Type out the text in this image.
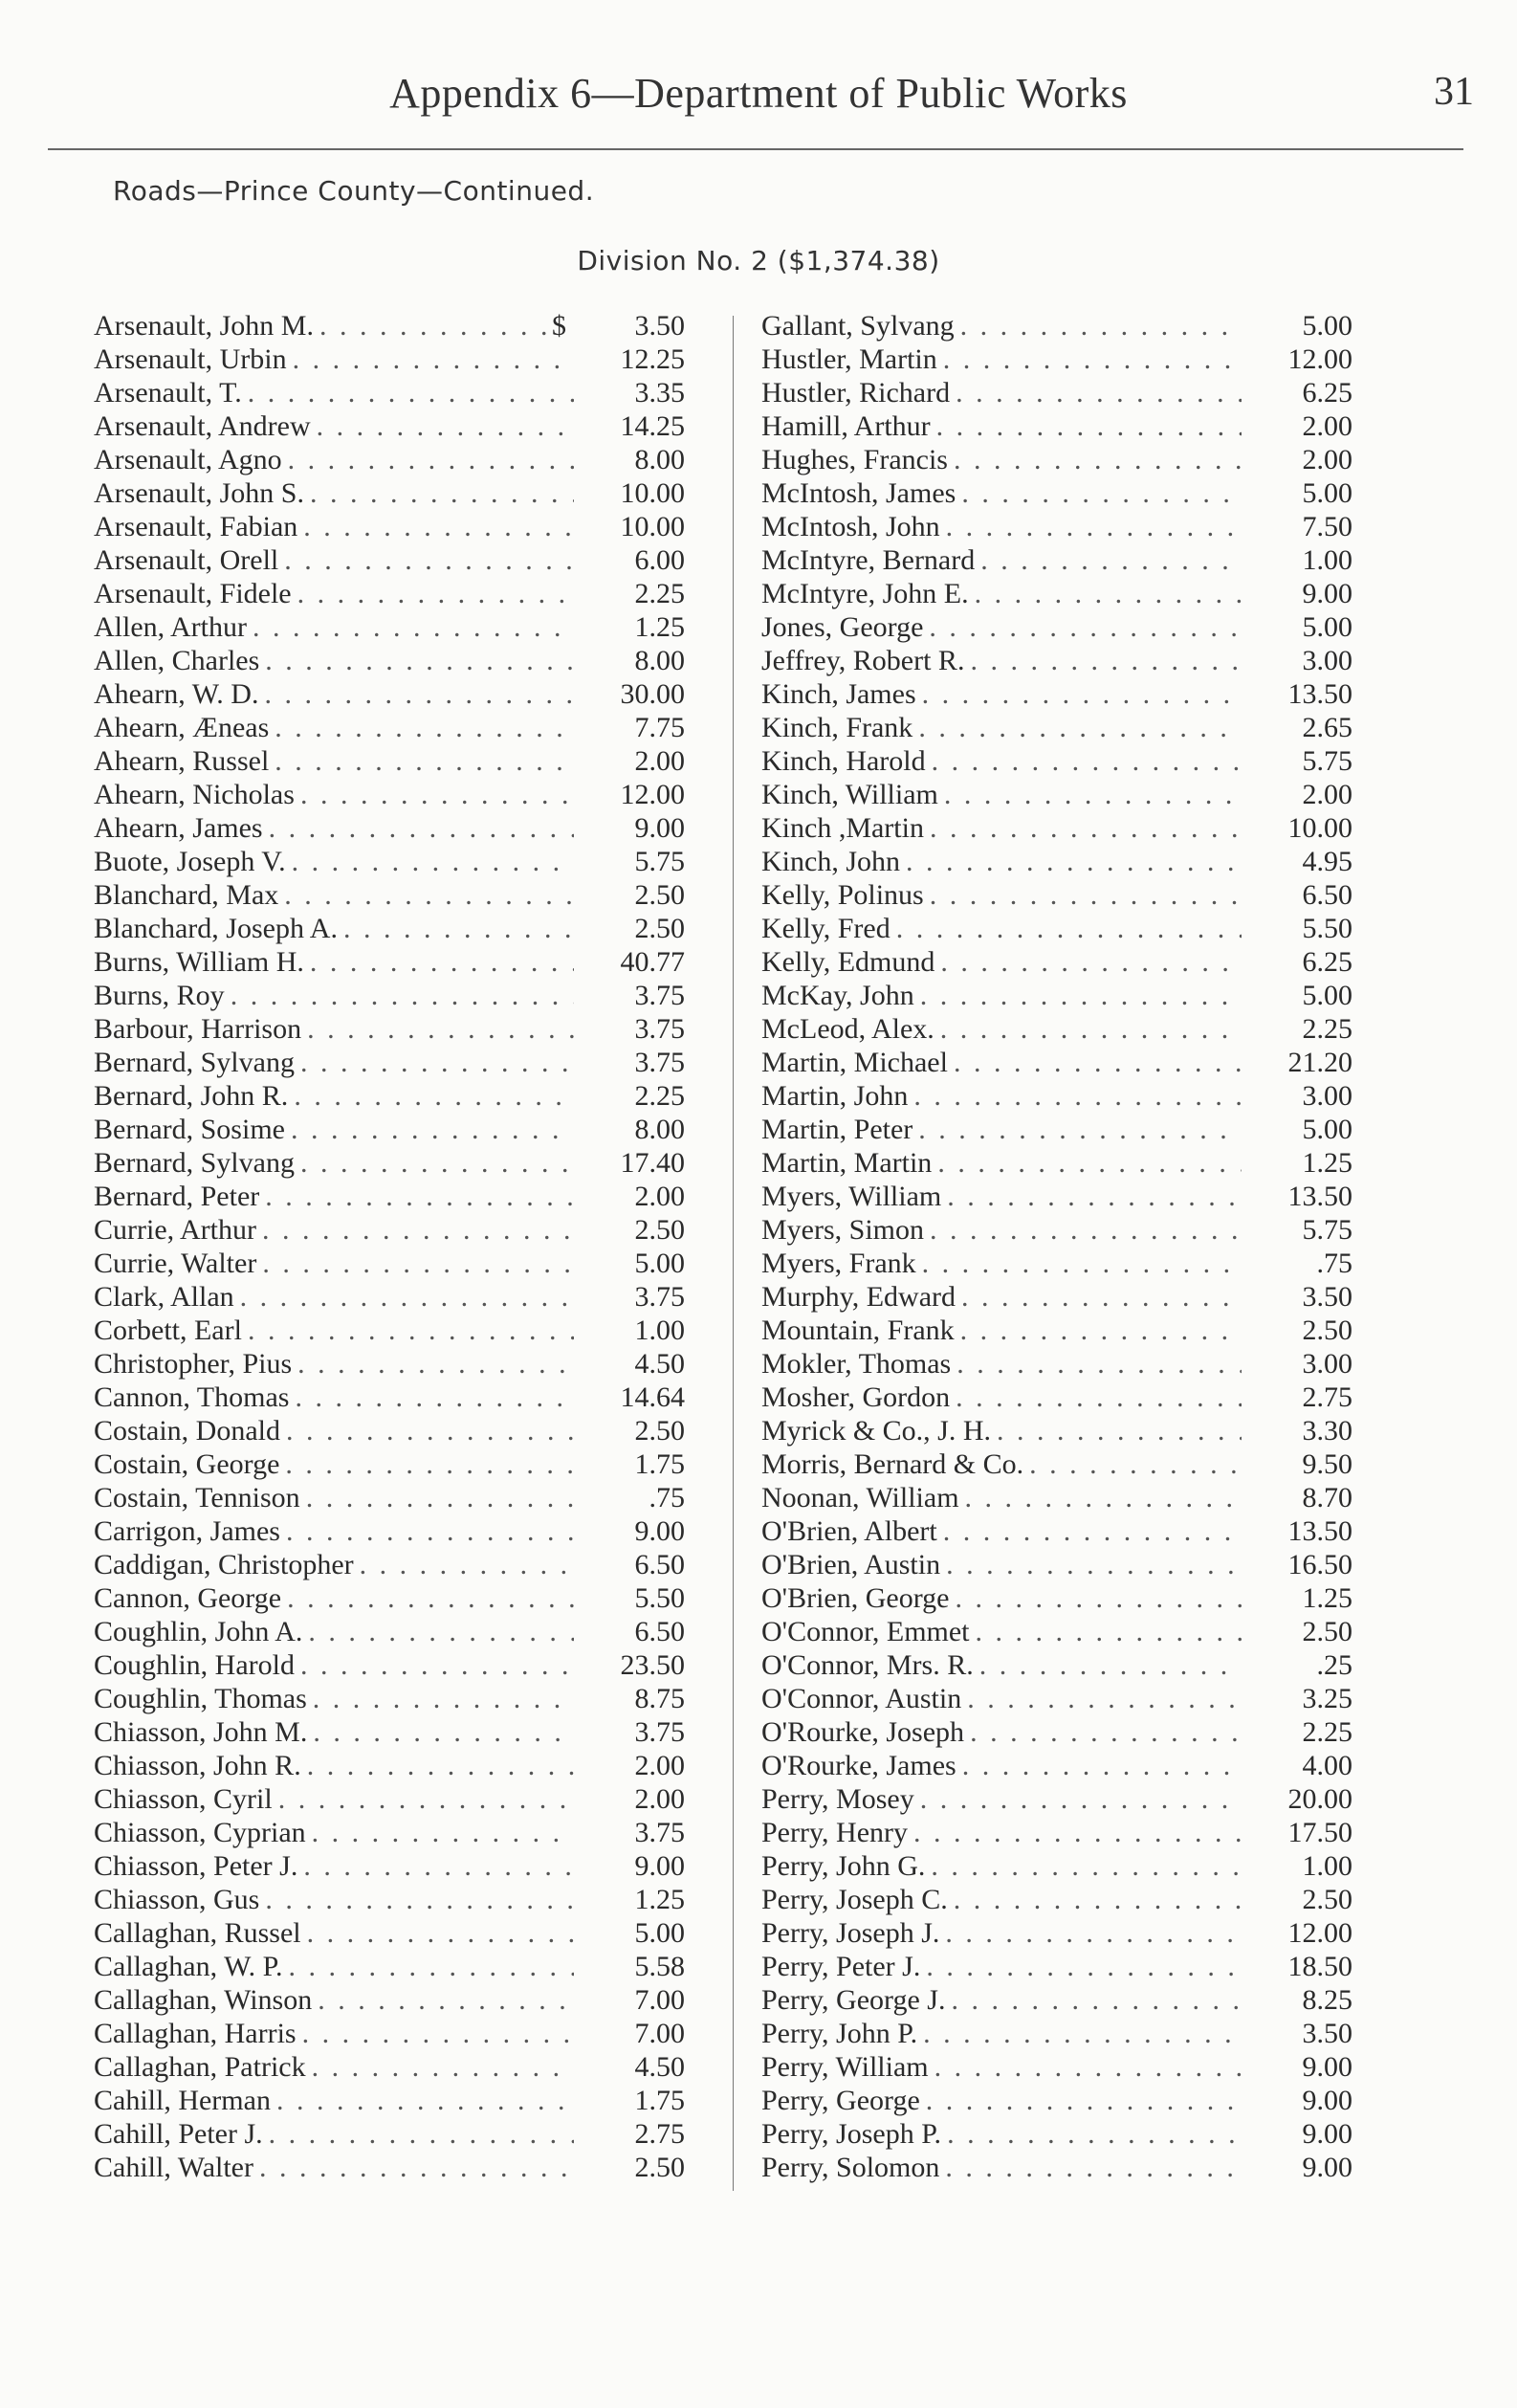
Appendix 6—Department of Public Works	31
Roads—Prince County—Continued.
Division No. 2 ($1,374.38)
Arsenault, John M. . . .	$	3.50
Arsenault, Urbin . . .	12.25
Arsenault, T. . . .	3.35
Arsenault, Andrew . . .	14.25
Arsenault, Agno . . .	8.00
Arsenault, John S. . . .	10.00
Arsenault, Fabian . . .	10.00
Arsenault, Orell . . .	6.00
Arsenault, Fidele . . .	2.25
Allen, Arthur . . .	1.25
Allen, Charles . . .	8.00
Ahearn, W. D. . . .	30.00
Ahearn, Æneas . . .	7.75
Ahearn, Russel . . .	2.00
Ahearn, Nicholas . . .	12.00
Ahearn, James . . .	9.00
Buote, Joseph V. . . .	5.75
Blanchard, Max . . .	2.50
Blanchard, Joseph A. . . .	2.50
Burns, William H. . . .	40.77
Burns, Roy . . .	3.75
Barbour, Harrison . . .	3.75
Bernard, Sylvang . . .	3.75
Bernard, John R. . . .	2.25
Bernard, Sosime . . .	8.00
Bernard, Sylvang . . .	17.40
Bernard, Peter . . .	2.00
Currie, Arthur . . .	2.50
Currie, Walter . . .	5.00
Clark, Allan . . .	3.75
Corbett, Earl . . .	1.00
Christopher, Pius . . .	4.50
Cannon, Thomas . . .	14.64
Costain, Donald . . .	2.50
Costain, George . . .	1.75
Costain, Tennison . . .	.75
Carrigon, James . . .	9.00
Caddigan, Christopher . . .	6.50
Cannon, George . . .	5.50
Coughlin, John A. . . .	6.50
Coughlin, Harold . . .	23.50
Coughlin, Thomas . . .	8.75
Chiasson, John M. . . .	3.75
Chiasson, John R. . . .	2.00
Chiasson, Cyril . . .	2.00
Chiasson, Cyprian . . .	3.75
Chiasson, Peter J. . . .	9.00
Chiasson, Gus . . .	1.25
Callaghan, Russel . . .	5.00
Callaghan, W. P. . . .	5.58
Callaghan, Winson . . .	7.00
Callaghan, Harris . . .	7.00
Callaghan, Patrick . . .	4.50
Cahill, Herman . . .	1.75
Cahill, Peter J. . . .	2.75
Cahill, Walter . . .	2.50
Gallant, Sylvang . . .	5.00
Hustler, Martin . . .	12.00
Hustler, Richard . . .	6.25
Hamill, Arthur . . .	2.00
Hughes, Francis . . .	2.00
McIntosh, James . . .	5.00
McIntosh, John . . .	7.50
McIntyre, Bernard . . .	1.00
McIntyre, John E. . . .	9.00
Jones, George . . .	5.00
Jeffrey, Robert R. . . .	3.00
Kinch, James . . .	13.50
Kinch, Frank . . .	2.65
Kinch, Harold . . .	5.75
Kinch, William . . .	2.00
Kinch ,Martin . . .	10.00
Kinch, John . . .	4.95
Kelly, Polinus . . .	6.50
Kelly, Fred . . .	5.50
Kelly, Edmund . . .	6.25
McKay, John . . .	5.00
McLeod, Alex. . . .	2.25
Martin, Michael . . .	21.20
Martin, John . . .	3.00
Martin, Peter . . .	5.00
Martin, Martin . . .	1.25
Myers, William . . .	13.50
Myers, Simon . . .	5.75
Myers, Frank . . .	.75
Murphy, Edward . . .	3.50
Mountain, Frank . . .	2.50
Mokler, Thomas . . .	3.00
Mosher, Gordon . . .	2.75
Myrick & Co., J. H. . . .	3.30
Morris, Bernard & Co. . . .	9.50
Noonan, William . . .	8.70
O'Brien, Albert . . .	13.50
O'Brien, Austin . . .	16.50
O'Brien, George . . .	1.25
O'Connor, Emmet . . .	2.50
O'Connor, Mrs. R. . . .	.25
O'Connor, Austin . . .	3.25
O'Rourke, Joseph . . .	2.25
O'Rourke, James . . .	4.00
Perry, Mosey . . .	20.00
Perry, Henry . . .	17.50
Perry, John G. . . .	1.00
Perry, Joseph C. . . .	2.50
Perry, Joseph J. . . .	12.00
Perry, Peter J. . . .	18.50
Perry, George J. . . .	8.25
Perry, John P. . . .	3.50
Perry, William . . .	9.00
Perry, George . . .	9.00
Perry, Joseph P. . . .	9.00
Perry, Solomon . . .	9.00
